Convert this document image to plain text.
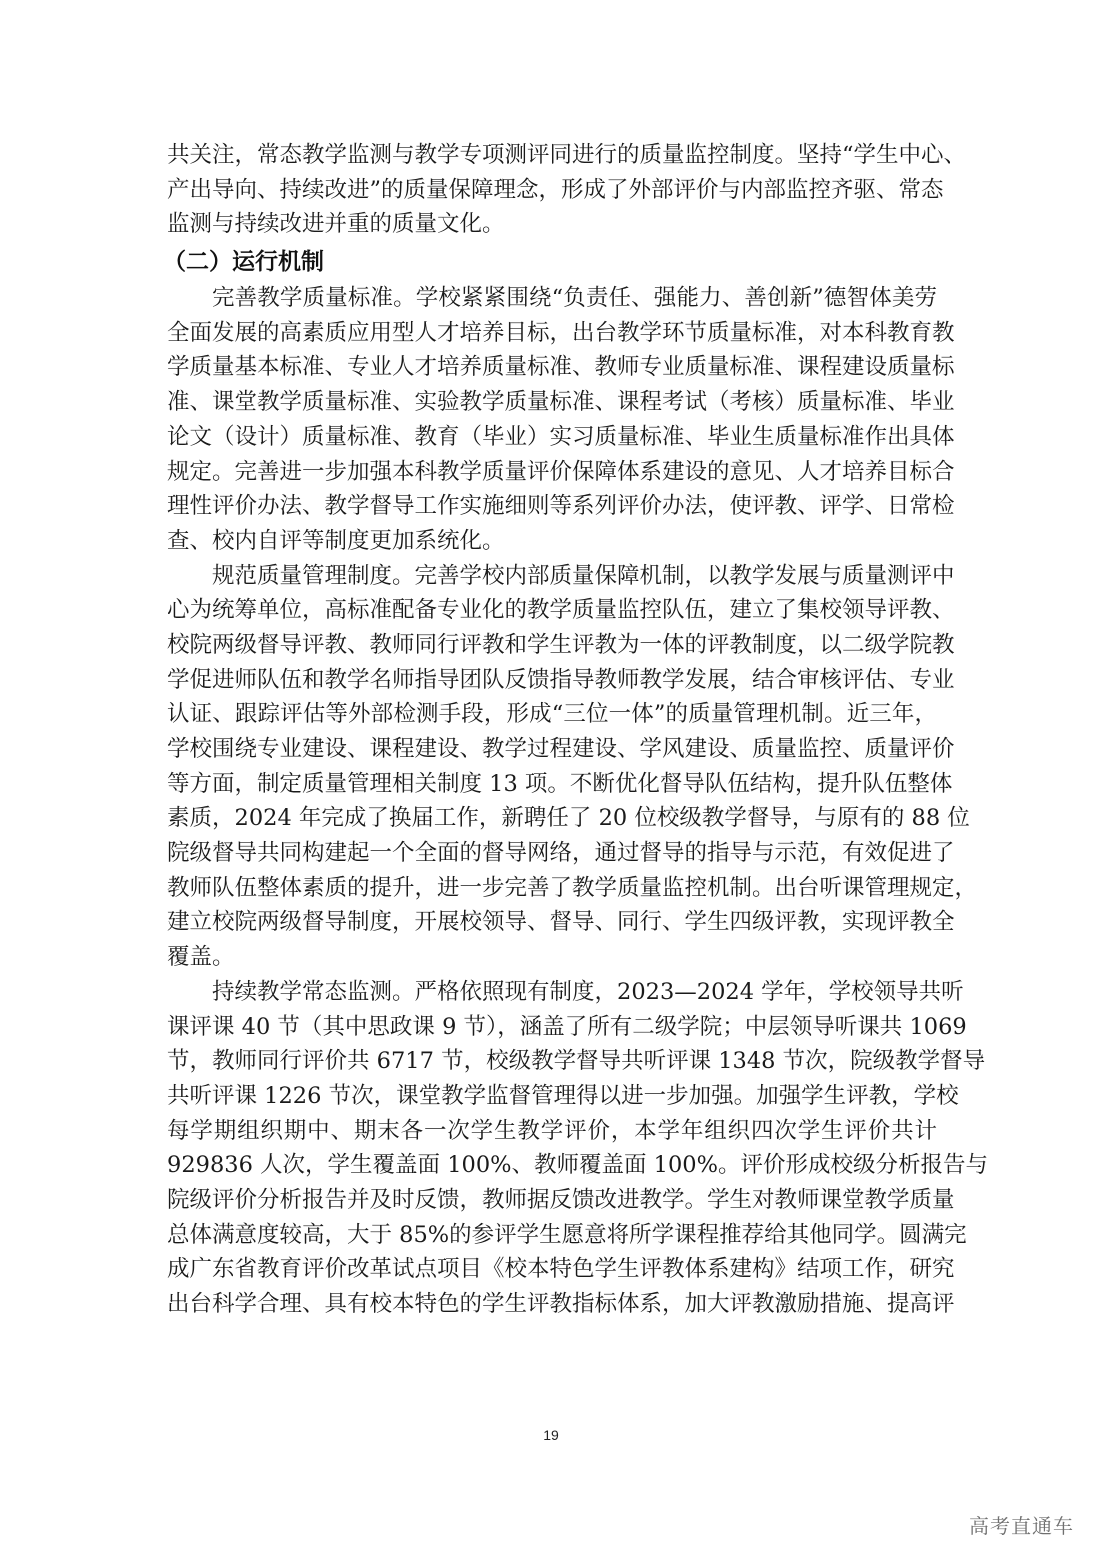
共关注，常态教学监测与教学专项测评同进行的质量监控制度。坚持“学生中心、
产出导向、持续改进”的质量保障理念，形成了外部评价与内部监控齐驱、常态
监测与持续改进并重的质量文化。
（二）运行机制
完善教学质量标准。学校紧紧围绕“负责任、强能力、善创新”德智体美劳
全面发展的高素质应用型人才培养目标，出台教学环节质量标准，对本科教育教
学质量基本标准、专业人才培养质量标准、教师专业质量标准、课程建设质量标
准、课堂教学质量标准、实验教学质量标准、课程考试（考核）质量标准、毕业
论文（设计）质量标准、教育（毕业）实习质量标准、毕业生质量标准作出具体
规定。完善进一步加强本科教学质量评价保障体系建设的意见、人才培养目标合
理性评价办法、教学督导工作实施细则等系列评价办法，使评教、评学、日常检
查、校内自评等制度更加系统化。
规范质量管理制度。完善学校内部质量保障机制，以教学发展与质量测评中
心为统筹单位，高标准配备专业化的教学质量监控队伍，建立了集校领导评教、
校院两级督导评教、教师同行评教和学生评教为一体的评教制度，以二级学院教
学促进师队伍和教学名师指导团队反馈指导教师教学发展，结合审核评估、专业
认证、跟踪评估等外部检测手段，形成“三位一体”的质量管理机制。近三年，
学校围绕专业建设、课程建设、教学过程建设、学风建设、质量监控、质量评价
等方面，制定质量管理相关制度 13 项。不断优化督导队伍结构，提升队伍整体
素质，2024 年完成了换届工作，新聘任了 20 位校级教学督导，与原有的 88 位
院级督导共同构建起一个全面的督导网络，通过督导的指导与示范，有效促进了
教师队伍整体素质的提升，进一步完善了教学质量监控机制。出台听课管理规定，
建立校院两级督导制度，开展校领导、督导、同行、学生四级评教，实现评教全
覆盖。
持续教学常态监测。严格依照现有制度，2023—2024 学年，学校领导共听
课评课 40 节（其中思政课 9 节），涵盖了所有二级学院；中层领导听课共 1069
节，教师同行评价共 6717 节，校级教学督导共听评课 1348 节次，院级教学督导
共听评课 1226 节次，课堂教学监督管理得以进一步加强。加强学生评教，学校
每学期组织期中、期末各一次学生教学评价，本学年组织四次学生评价共计
929836 人次，学生覆盖面 100%、教师覆盖面 100%。评价形成校级分析报告与
院级评价分析报告并及时反馈，教师据反馈改进教学。学生对教师课堂教学质量
总体满意度较高，大于 85%的参评学生愿意将所学课程推荐给其他同学。圆满完
成广东省教育评价改革试点项目《校本特色学生评教体系建构》结项工作，研究
出台科学合理、具有校本特色的学生评教指标体系，加大评教激励措施、提高评
19
高考直通车
